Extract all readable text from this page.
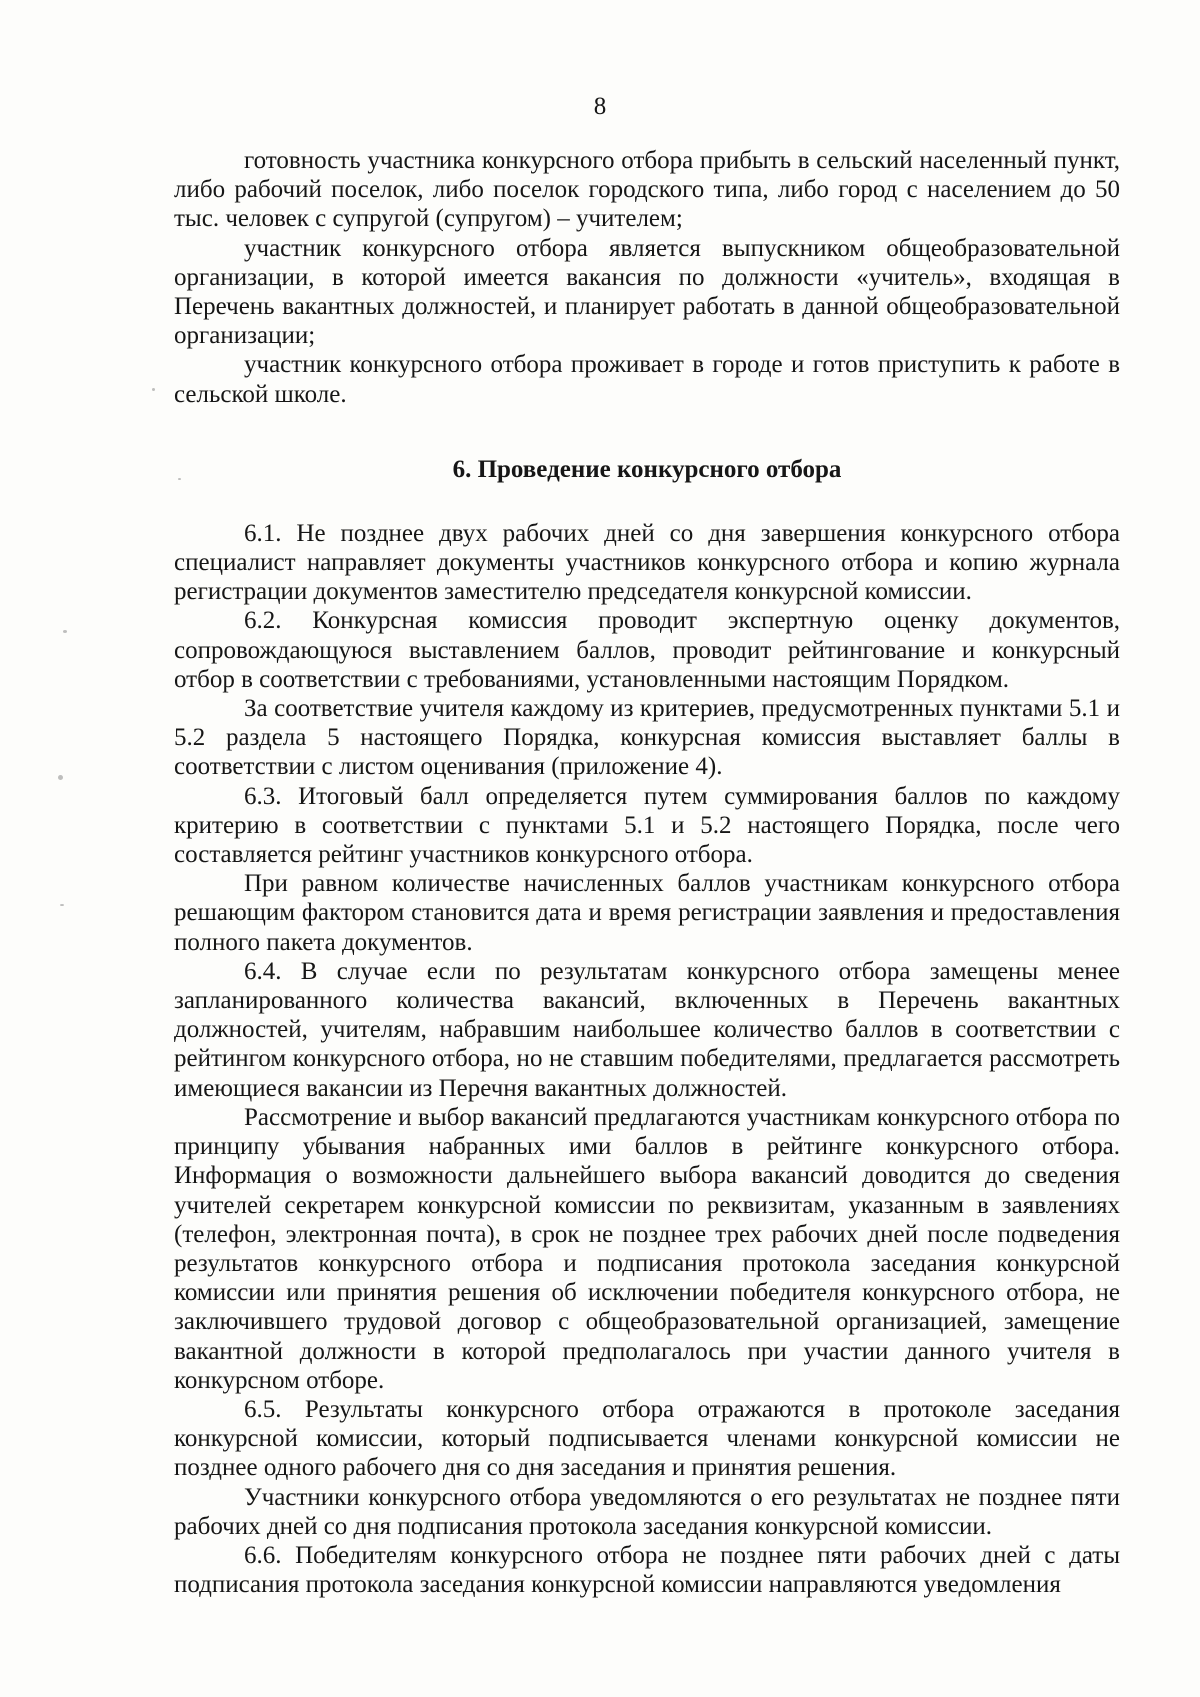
8

готовность участника конкурсного отбора прибыть в сельский населенный пункт, либо рабочий поселок, либо поселок городского типа, либо город с населением до 50 тыс. человек с супругой (супругом) – учителем;

участник конкурсного отбора является выпускником общеобразовательной организации, в которой имеется вакансия по должности «учитель», входящая в Перечень вакантных должностей, и планирует работать в данной общеобразовательной организации;

участник конкурсного отбора проживает в городе и готов приступить к работе в сельской школе.

6. Проведение конкурсного отбора

6.1. Не позднее двух рабочих дней со дня завершения конкурсного отбора специалист направляет документы участников конкурсного отбора и копию журнала регистрации документов заместителю председателя конкурсной комиссии.

6.2. Конкурсная комиссия проводит экспертную оценку документов, сопровождающуюся выставлением баллов, проводит рейтингование и конкурсный отбор в соответствии с требованиями, установленными настоящим Порядком.

За соответствие учителя каждому из критериев, предусмотренных пунктами 5.1 и 5.2 раздела 5 настоящего Порядка, конкурсная комиссия выставляет баллы в соответствии с листом оценивания (приложение 4).

6.3. Итоговый балл определяется путем суммирования баллов по каждому критерию в соответствии с пунктами 5.1 и 5.2 настоящего Порядка, после чего составляется рейтинг участников конкурсного отбора.

При равном количестве начисленных баллов участникам конкурсного отбора решающим фактором становится дата и время регистрации заявления и предоставления полного пакета документов.

6.4. В случае если по результатам конкурсного отбора замещены менее запланированного количества вакансий, включенных в Перечень вакантных должностей, учителям, набравшим наибольшее количество баллов в соответствии с рейтингом конкурсного отбора, но не ставшим победителями, предлагается рассмотреть имеющиеся вакансии из Перечня вакантных должностей.

Рассмотрение и выбор вакансий предлагаются участникам конкурсного отбора по принципу убывания набранных ими баллов в рейтинге конкурсного отбора. Информация о возможности дальнейшего выбора вакансий доводится до сведения учителей секретарем конкурсной комиссии по реквизитам, указанным в заявлениях (телефон, электронная почта), в срок не позднее трех рабочих дней после подведения результатов конкурсного отбора и подписания протокола заседания конкурсной комиссии или принятия решения об исключении победителя конкурсного отбора, не заключившего трудовой договор с общеобразовательной организацией, замещение вакантной должности в которой предполагалось при участии данного учителя в конкурсном отборе.

6.5. Результаты конкурсного отбора отражаются в протоколе заседания конкурсной комиссии, который подписывается членами конкурсной комиссии не позднее одного рабочего дня со дня заседания и принятия решения.

Участники конкурсного отбора уведомляются о его результатах не позднее пяти рабочих дней со дня подписания протокола заседания конкурсной комиссии.

6.6. Победителям конкурсного отбора не позднее пяти рабочих дней с даты подписания протокола заседания конкурсной комиссии направляются уведомления
